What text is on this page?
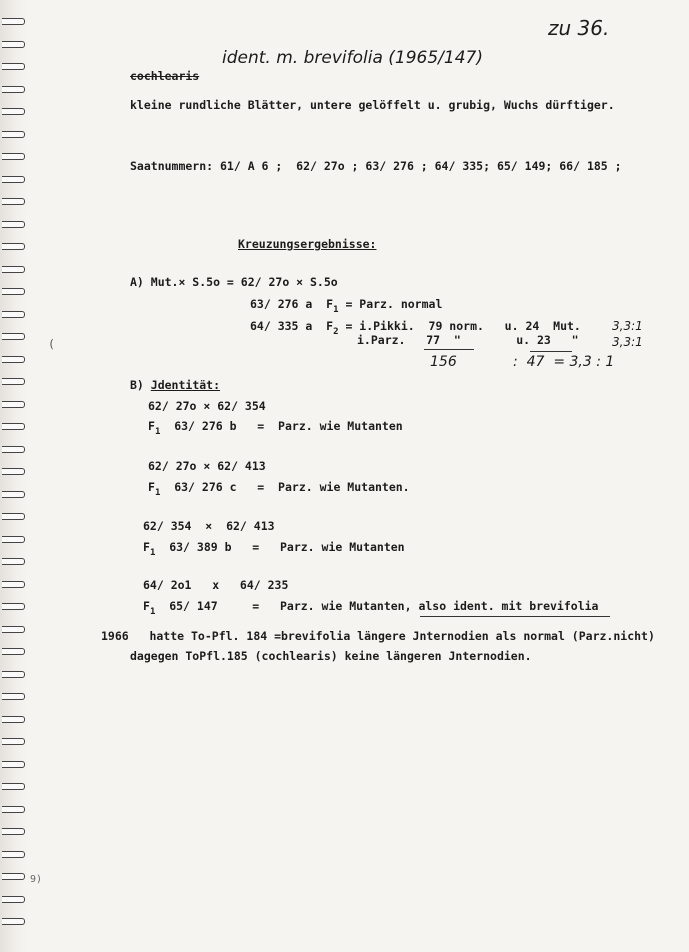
zu 36.
ident. m. brevifolia (1965/147)
cochlearis
kleine rundliche Blätter, untere gelöffelt u. grubig, Wuchs dürftiger.
Saatnummern: 61/ A 6 ;  62/ 27o ; 63/ 276 ; 64/ 335; 65/ 149; 66/ 185 ;
Kreuzungsergebnisse:
A) Mut.× S.5o = 62/ 27o × S.5o
63/ 276 a  $F_1$ = Parz. normal
64/ 335 a  $F_2$ = i.Pikki.  79 norm.   u. 24  Mut.	3,3:1
i.Parz.   77  "        u. 23   "	3,3:1
156	:  47  = 3,3 : 1
B) Jdentität:
62/ 27o × 62/ 354
$F_1$  63/ 276 b   =  Parz. wie Mutanten
62/ 27o × 62/ 413
$F_1$  63/ 276 c   =  Parz. wie Mutanten.
62/ 354  ×  62/ 413
$F_1$  63/ 389 b   =   Parz. wie Mutanten
64/ 2o1   x   64/ 235
$F_1$  65/ 147     =   Parz. wie Mutanten, also ident. mit brevifolia
1966   hatte To-Pfl. 184 =brevifolia längere Jnternodien als normal (Parz.nicht)
dagegen ToPfl.185 (cochlearis) keine längeren Jnternodien.
(
9)
